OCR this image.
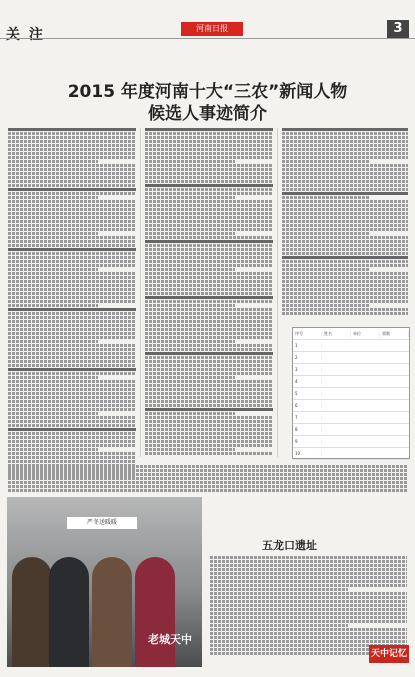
关 注	河南日报	3
2015 年度河南十大“三农”新闻人物
候选人事迹简介
序号	姓名	单位	票数
1
2
3
4
5
6
7
8
9
10
严冬送暖暖
老城天中
五龙口遗址
天中记忆
